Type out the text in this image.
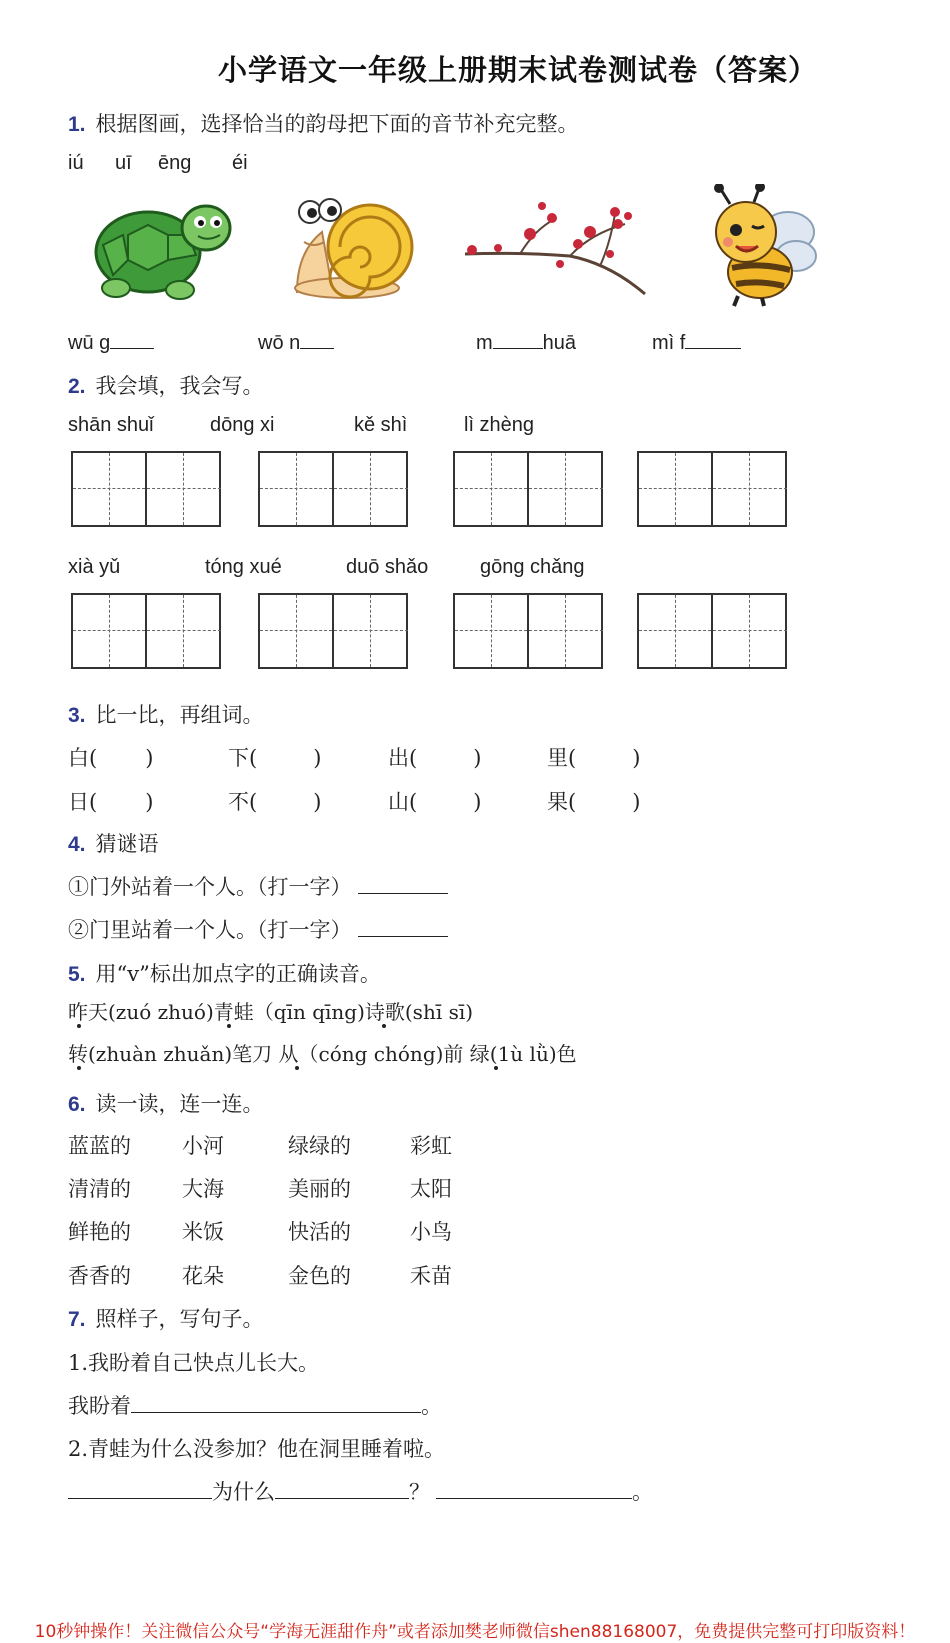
小学语文一年级上册期末试卷测试卷（答案）
1. 根据图画，选择恰当的韵母把下面的音节补充完整。
iú uī ēng éi
wū g	wō n	m	huā	mì f
2. 我会填，我会写。
shān shuǐ	dōng xi	kě shì	lì zhèng
xià yǔ	tóng xué	duō shǎo	gōng chǎng
3. 比一比，再组词。
白( )	下(	)	出(	)	里(	)
日( )	不(	)	山(	)	果(	)
4. 猜谜语
①门外站着一个人。（打一字）
②门里站着一个人。（打一字）
5. 用“v”标出加点字的正确读音。
昨天(zuó zhuó)青蛙（qīn qīng)诗歌(shī sī)
转(zhuàn zhuǎn)笔刀 从（cóng chóng)前 绿(1ù lǜ)色
6. 读一读，连一连。
蓝蓝的 小河	绿绿的	彩虹
清清的 大海	美丽的	太阳
鲜艳的 米饭	快活的	小鸟
香香的 花朵	金色的	禾苗
7. 照样子，写句子。
1.我盼着自己快点儿长大。
我盼着	。
2.青蛙为什么没参加？他在洞里睡着啦。
为什么	？	。
10秒钟操作！关注微信公众号“学海无涯甜作舟”或者添加樊老师微信shen88168007，免费提供完整可打印版资料！
